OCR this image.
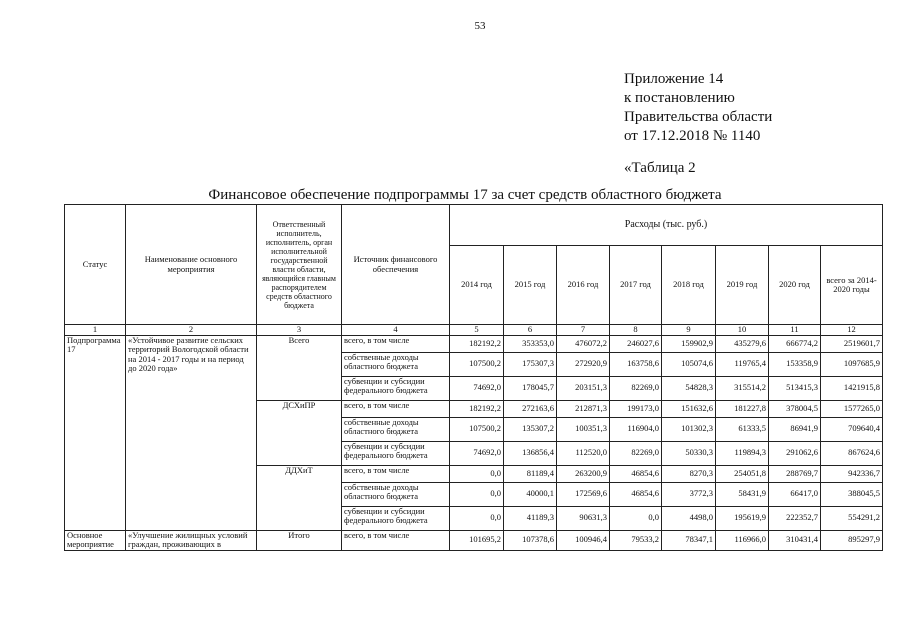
53
Приложение 14
к постановлению
Правительства области
от 17.12.2018 № 1140
«Таблица 2
Финансовое обеспечение подпрограммы 17 за счет средств областного бюджета
Статус	Наименование основного мероприятия	Ответственный исполнитель, исполнитель, орган исполнительной государственной власти области, являющийся главным распорядителем средств областного бюджета	Источник финансового обеспечения	Расходы (тыс. руб.)							
				2014 год	2015 год	2016 год	2017 год	2018 год	2019 год	2020 год	всего за 2014-2020 годы
1	2	3	4	5	6	7	8	9	10	11	12
Подпрограмма 17	«Устойчивое развитие сельских территорий Вологодской области на 2014 - 2017 годы и на период до 2020 года»	Всего	всего, в том числе	182192,2	353353,0	476072,2	246027,6	159902,9	435279,6	666774,2	2519601,7
			собственные доходы областного бюджета	107500,2	175307,3	272920,9	163758,6	105074,6	119765,4	153358,9	1097685,9
			субвенции и субсидии федерального бюджета	74692,0	178045,7	203151,3	82269,0	54828,3	315514,2	513415,3	1421915,8
		ДСХиПР	всего, в том числе	182192,2	272163,6	212871,3	199173,0	151632,6	181227,8	378004,5	1577265,0
			собственные доходы областного бюджета	107500,2	135307,2	100351,3	116904,0	101302,3	61333,5	86941,9	709640,4
			субвенции и субсидии федерального бюджета	74692,0	136856,4	112520,0	82269,0	50330,3	119894,3	291062,6	867624,6
		ДДХиТ	всего, в том числе	0,0	81189,4	263200,9	46854,6	8270,3	254051,8	288769,7	942336,7
			собственные доходы областного бюджета	0,0	40000,1	172569,6	46854,6	3772,3	58431,9	66417,0	388045,5
			субвенции и субсидии федерального бюджета	0,0	41189,3	90631,3	0,0	4498,0	195619,9	222352,7	554291,2
Основное мероприятие	«Улучшение жилищных условий граждан, проживающих в	Итого	всего, в том числе	101695,2	107378,6	100946,4	79533,2	78347,1	116966,0	310431,4	895297,9
